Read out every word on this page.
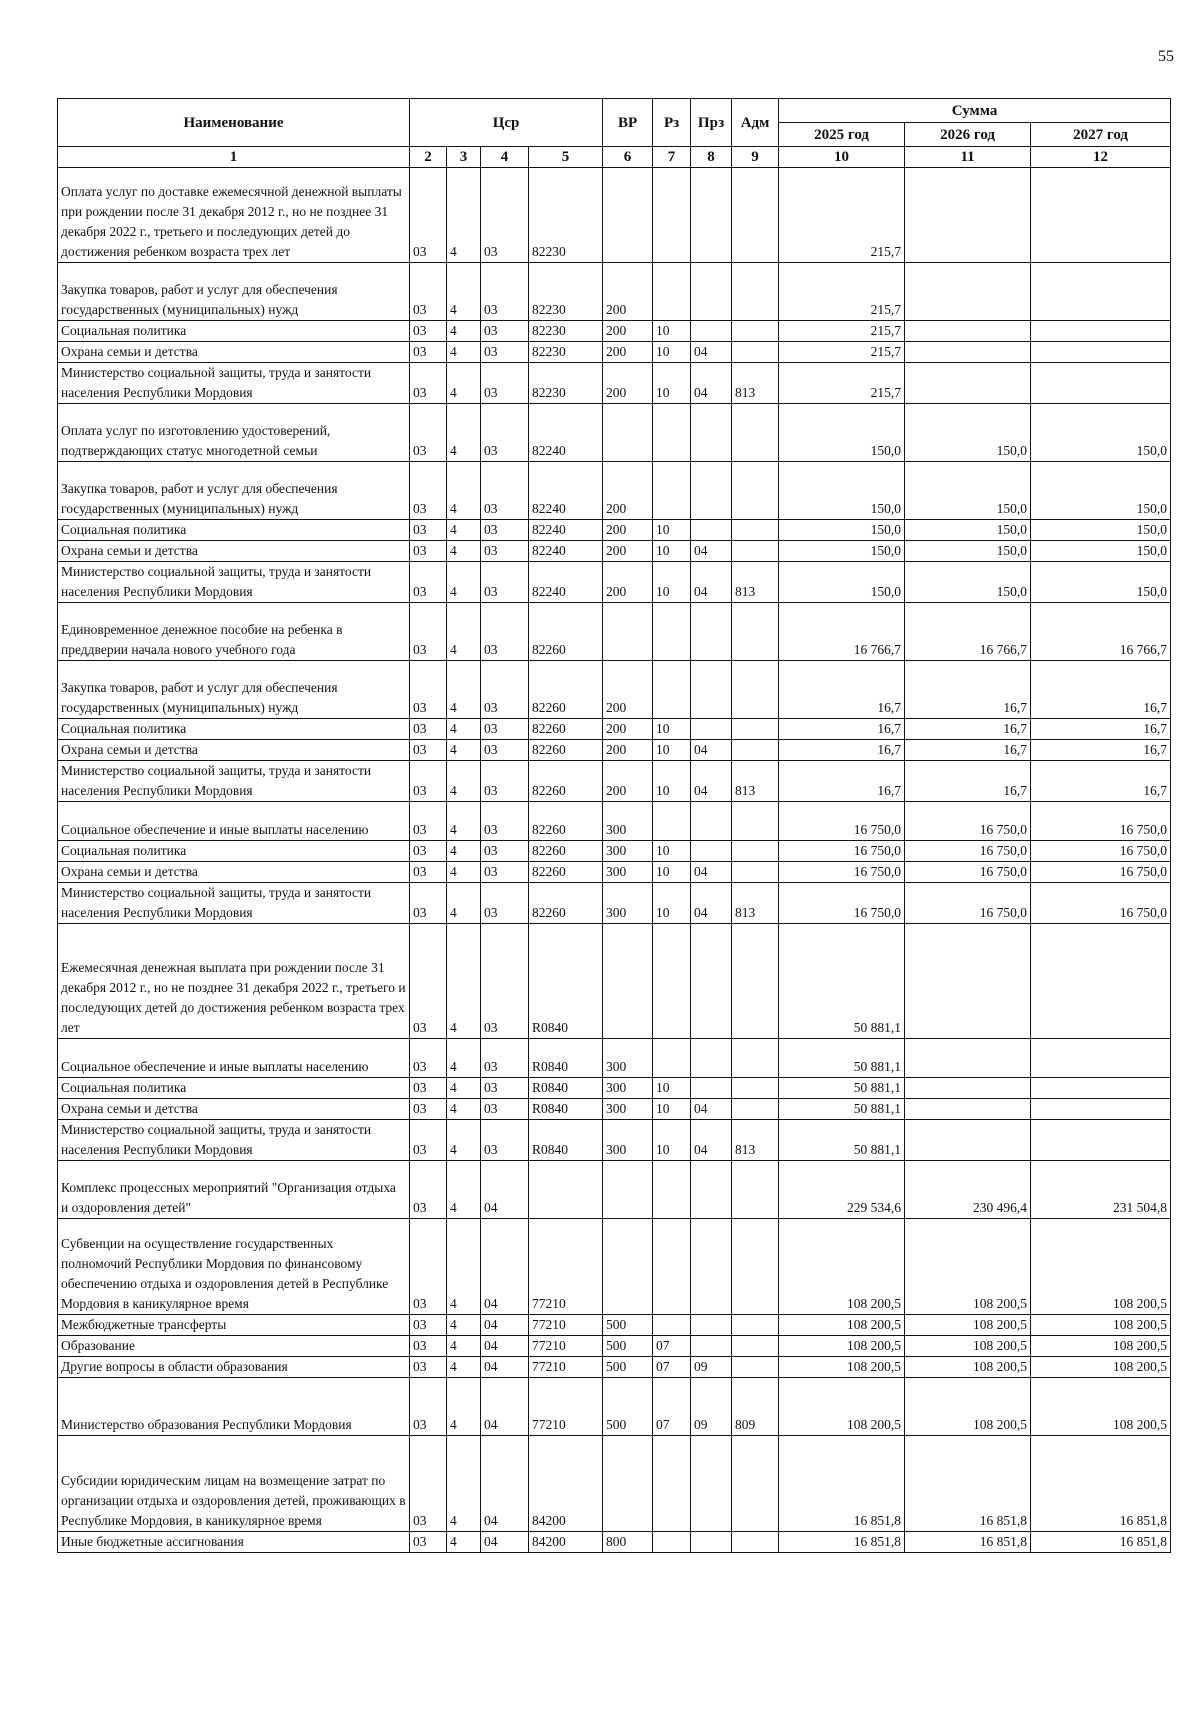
55
Наименование	Цср				ВР	Рз	Прз	Адм	Сумма		
									2025 год	2026 год	2027 год
1	2	3	4	5	6	7	8	9	10	11	12
Оплата услуг по доставке ежемесячной денежной выплаты при рождении после 31 декабря 2012 г., но не позднее 31 декабря 2022 г., третьего и последующих детей до достижения ребенком возраста трех лет	03	4	03	82230					215,7		
Закупка товаров, работ и услуг для обеспечения государственных (муниципальных) нужд	03	4	03	82230	200				215,7		
Социальная политика	03	4	03	82230	200	10			215,7		
Охрана семьи и детства	03	4	03	82230	200	10	04		215,7		
Министерство социальной защиты, труда и занятости населения Республики Мордовия	03	4	03	82230	200	10	04	813	215,7		
Оплата услуг по изготовлению удостоверений, подтверждающих статус многодетной семьи	03	4	03	82240					150,0	150,0	150,0
Закупка товаров, работ и услуг для обеспечения государственных (муниципальных) нужд	03	4	03	82240	200				150,0	150,0	150,0
Социальная политика	03	4	03	82240	200	10			150,0	150,0	150,0
Охрана семьи и детства	03	4	03	82240	200	10	04		150,0	150,0	150,0
Министерство социальной защиты, труда и занятости населения Республики Мордовия	03	4	03	82240	200	10	04	813	150,0	150,0	150,0
Единовременное денежное пособие на ребенка в преддверии начала нового учебного года	03	4	03	82260					16 766,7	16 766,7	16 766,7
Закупка товаров, работ и услуг для обеспечения государственных (муниципальных) нужд	03	4	03	82260	200				16,7	16,7	16,7
Социальная политика	03	4	03	82260	200	10			16,7	16,7	16,7
Охрана семьи и детства	03	4	03	82260	200	10	04		16,7	16,7	16,7
Министерство социальной защиты, труда и занятости населения Республики Мордовия	03	4	03	82260	200	10	04	813	16,7	16,7	16,7
Социальное обеспечение и иные выплаты населению	03	4	03	82260	300				16 750,0	16 750,0	16 750,0
Социальная политика	03	4	03	82260	300	10			16 750,0	16 750,0	16 750,0
Охрана семьи и детства	03	4	03	82260	300	10	04		16 750,0	16 750,0	16 750,0
Министерство социальной защиты, труда и занятости населения Республики Мордовия	03	4	03	82260	300	10	04	813	16 750,0	16 750,0	16 750,0
Ежемесячная денежная выплата при рождении после 31 декабря 2012 г., но не позднее 31 декабря 2022 г., третьего и последующих детей до достижения ребенком возраста трех лет	03	4	03	R0840					50 881,1		
Социальное обеспечение и иные выплаты населению	03	4	03	R0840	300				50 881,1		
Социальная политика	03	4	03	R0840	300	10			50 881,1		
Охрана семьи и детства	03	4	03	R0840	300	10	04		50 881,1		
Министерство социальной защиты, труда и занятости населения Республики Мордовия	03	4	03	R0840	300	10	04	813	50 881,1		
Комплекс процессных мероприятий "Организация отдыха и оздоровления детей"	03	4	04						229 534,6	230 496,4	231 504,8
Субвенции на осуществление государственных полномочий Республики Мордовия по финансовому обеспечению отдыха и оздоровления детей в Республике Мордовия в каникулярное время	03	4	04	77210					108 200,5	108 200,5	108 200,5
Межбюджетные трансферты	03	4	04	77210	500				108 200,5	108 200,5	108 200,5
Образование	03	4	04	77210	500	07			108 200,5	108 200,5	108 200,5
Другие вопросы в области образования	03	4	04	77210	500	07	09		108 200,5	108 200,5	108 200,5
Министерство образования Республики Мордовия	03	4	04	77210	500	07	09	809	108 200,5	108 200,5	108 200,5
Субсидии юридическим лицам на возмещение затрат по организации отдыха и оздоровления детей, проживающих в Республике Мордовия, в каникулярное время	03	4	04	84200					16 851,8	16 851,8	16 851,8
Иные бюджетные ассигнования	03	4	04	84200	800				16 851,8	16 851,8	16 851,8
